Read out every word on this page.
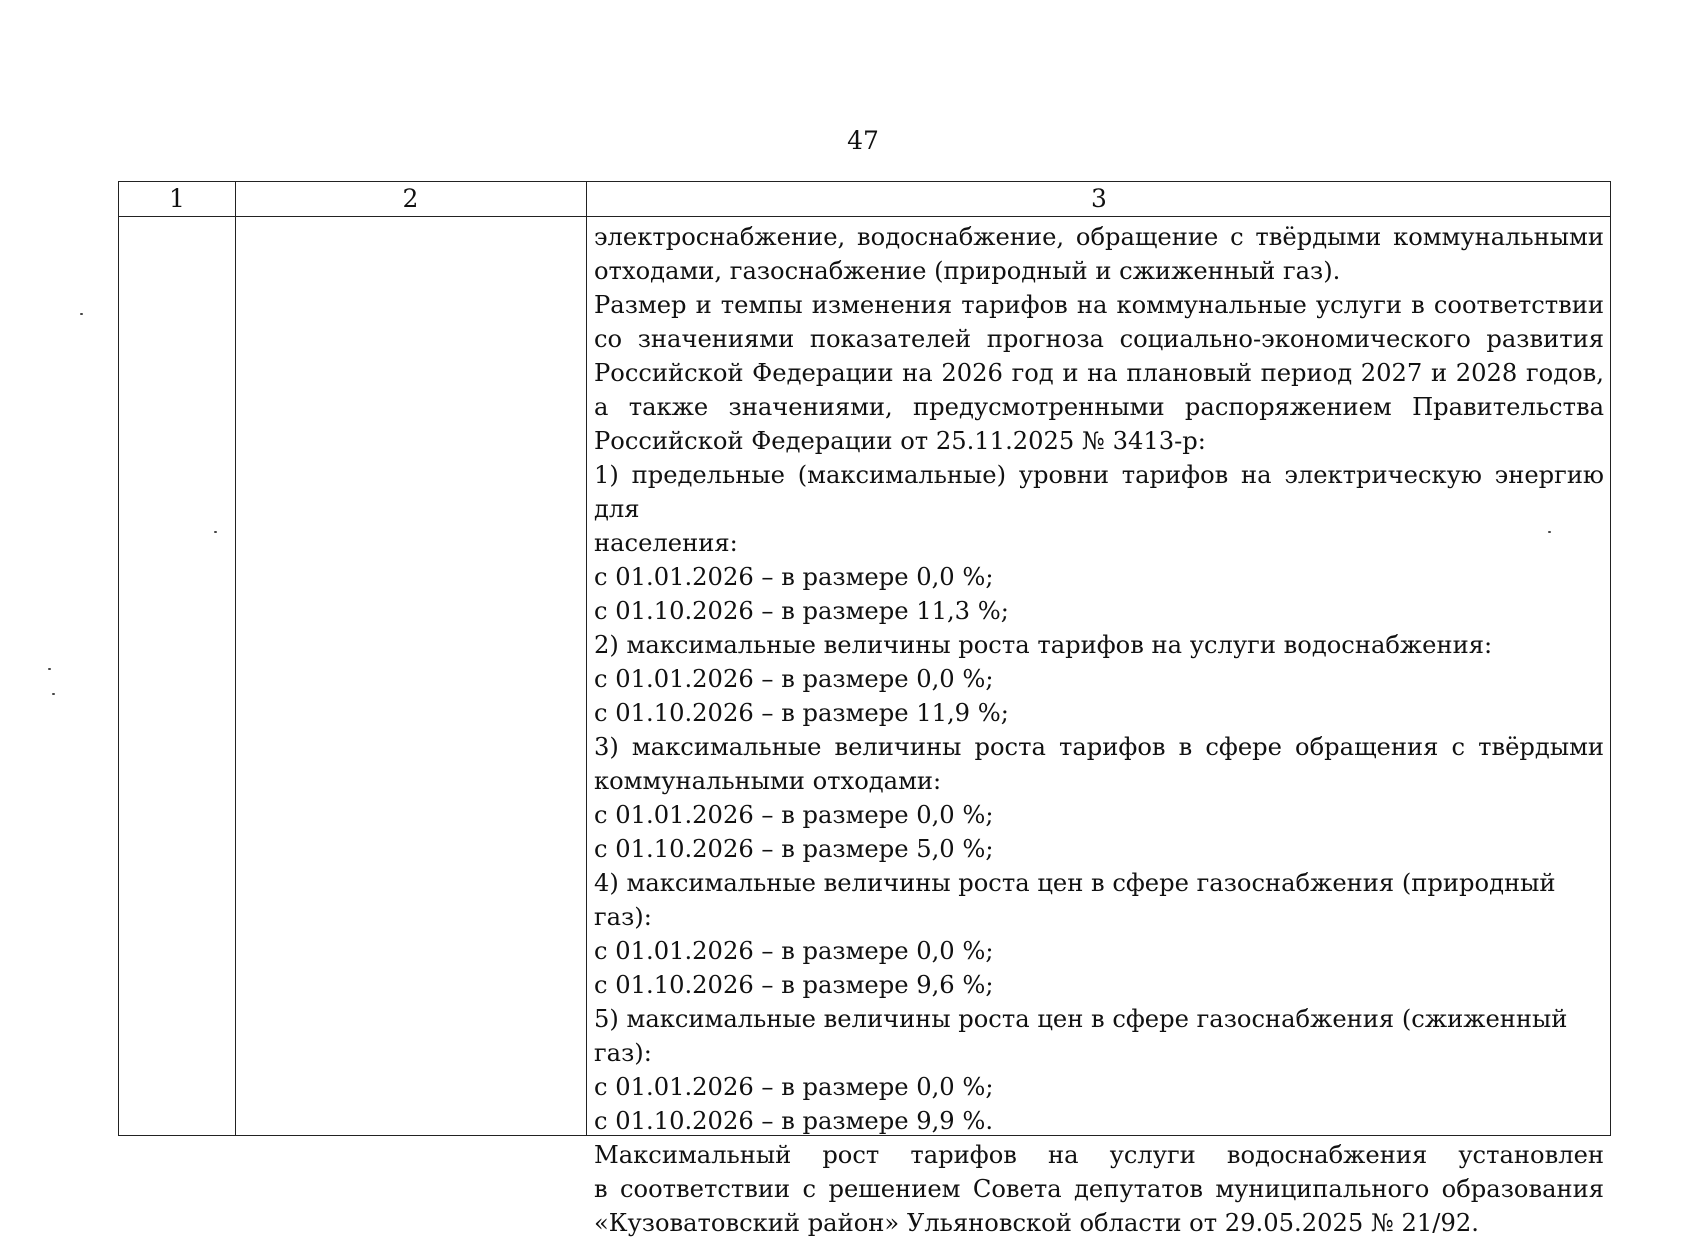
47
1	2	3
электроснабжение, водоснабжение, обращение с твёрдыми коммунальными
отходами, газоснабжение (природный и сжиженный газ).
Размер и темпы изменения тарифов на коммунальные услуги в соответствии
со значениями показателей прогноза социально-экономического развития
Российской Федерации на 2026 год и на плановый период 2027 и 2028 годов,
а также значениями, предусмотренными распоряжением Правительства
Российской Федерации от 25.11.2025 № 3413-р:
1) предельные (максимальные) уровни тарифов на электрическую энергию для
населения:
с 01.01.2026 – в размере 0,0 %;
с 01.10.2026 – в размере 11,3 %;
2) максимальные величины роста тарифов на услуги водоснабжения:
с 01.01.2026 – в размере 0,0 %;
с 01.10.2026 – в размере 11,9 %;
3) максимальные величины роста тарифов в сфере обращения с твёрдыми
коммунальными отходами:
с 01.01.2026 – в размере 0,0 %;
с 01.10.2026 – в размере 5,0 %;
4) максимальные величины роста цен в сфере газоснабжения (природный газ):
с 01.01.2026 – в размере 0,0 %;
с 01.10.2026 – в размере 9,6 %;
5) максимальные величины роста цен в сфере газоснабжения (сжиженный газ):
с 01.01.2026 – в размере 0,0 %;
с 01.10.2026 – в размере 9,9 %.
Максимальный рост тарифов на услуги водоснабжения установлен
в соответствии с решением Совета депутатов муниципального образования
«Кузоватовский район» Ульяновской области от 29.05.2025 № 21/92.
